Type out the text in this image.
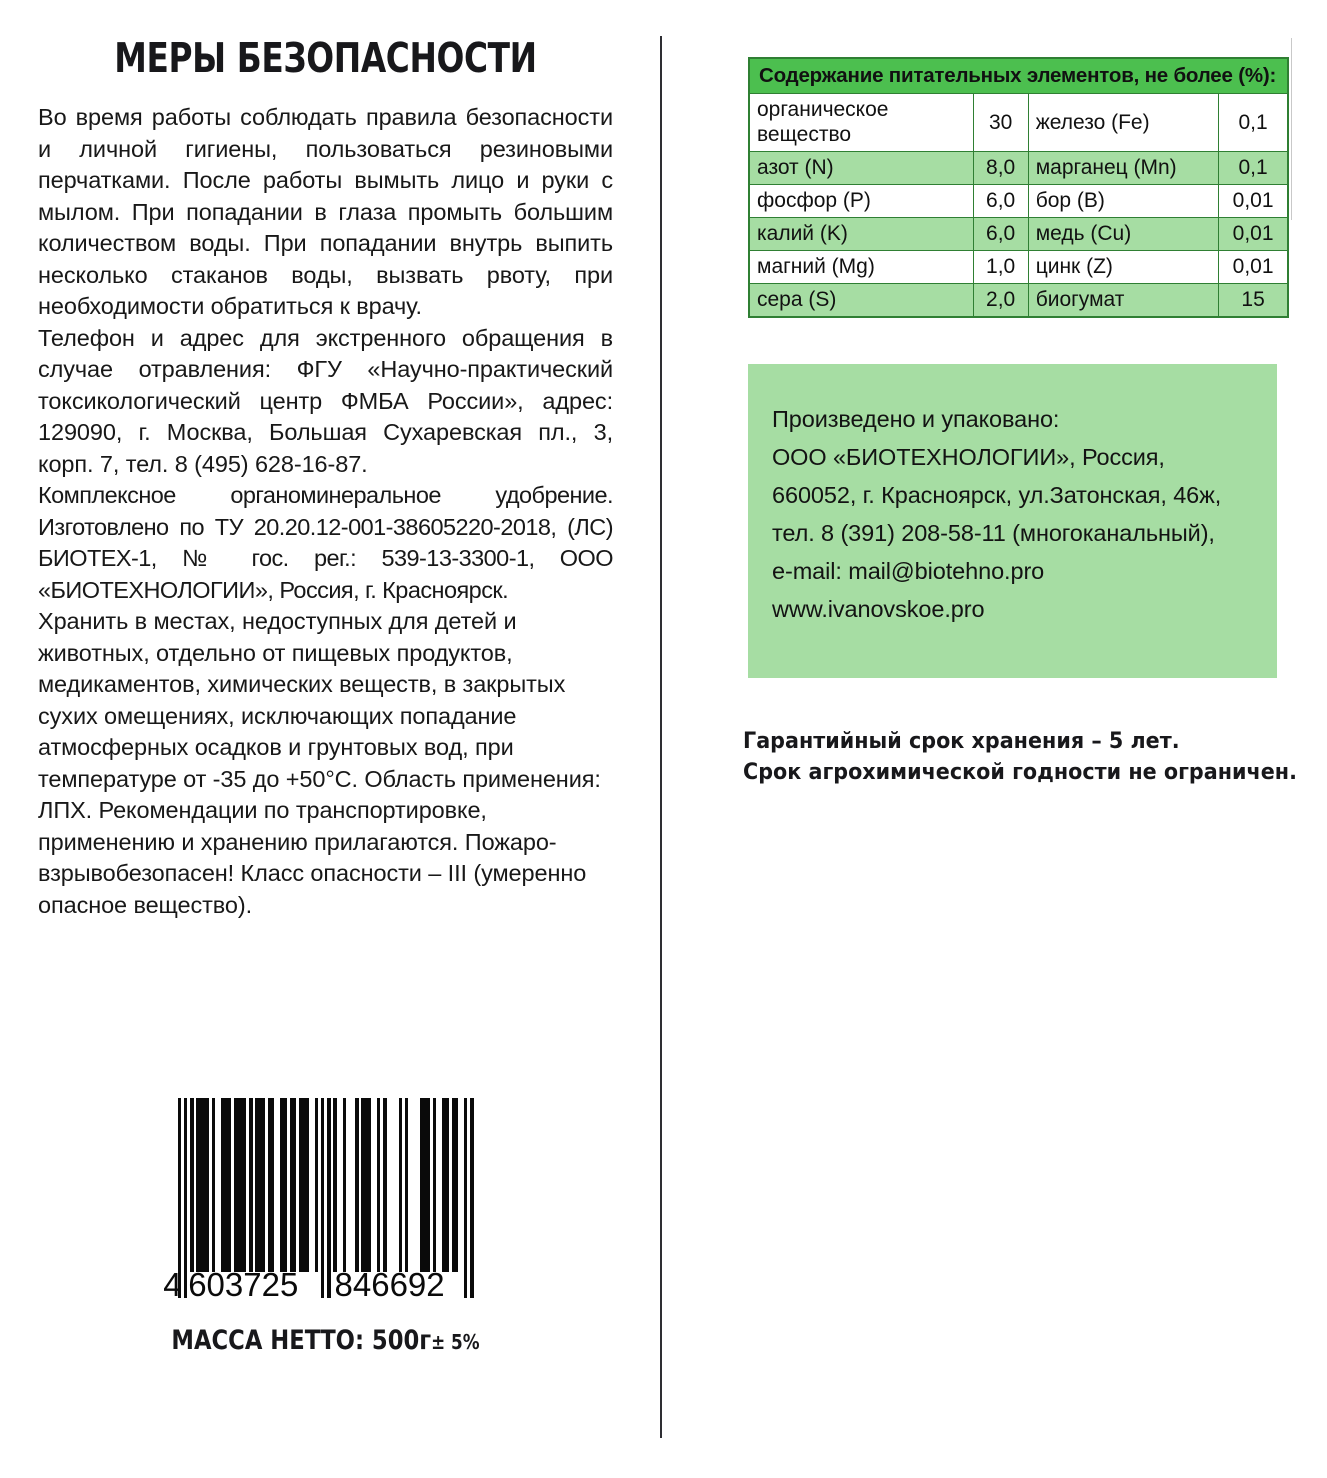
МЕРЫ БЕЗОПАСНОСТИ

Во время работы соблюдать правила безопасности и личной гигиены, пользоваться резиновыми перчатками. После работы вымыть лицо и руки с мылом. При попадании в глаза промыть большим количеством воды. При попадании внутрь выпить несколько стаканов воды, вызвать рвоту, при необходимости обратиться к врачу.

Телефон и адрес для экстренного обращения в случае отравления: ФГУ «Научно-практический токсикологический центр ФМБА России», адрес: 129090, г. Москва, Большая Сухаревская пл., 3, корп. 7, тел. 8 (495) 628-16-87.

Комплексное органоминеральное удобрение. Изготовлено по ТУ 20.20.12-001-38605220-2018, (ЛС) БИОТЕХ-1, № гос. рег.: 539-13-3300-1, ООО «БИОТЕХНОЛОГИИ», Россия, г. Красноярск.

Хранить в местах, недоступных для детей и животных, отдельно от пищевых продуктов, медикаментов, химических веществ, в закрытых сухих омещениях, исключающих попадание атмосферных осадков и грунтовых вод, при температуре от -35 до +50°C. Область применения: ЛПХ. Рекомендации по транспортировке, применению и хранению прилагаются. Пожаро-взрывобезопасен! Класс опасности – III (умеренно опасное вещество).

4 603725 846692
МАССА НЕТТО: 500г± 5%
Содержание питательных элементов, не более (%):			
органическое вещество	30	железо (Fe)	0,1
азот (N)	8,0	марганец (Mn)	0,1
фосфор (P)	6,0	бор (B)	0,01
калий (K)	6,0	медь (Cu)	0,01
магний (Mg)	1,0	цинк (Z)	0,01
сера (S)	2,0	биогумат	15
Произведено и упаковано:
ООО «БИОТЕХНОЛОГИИ», Россия,
660052, г. Красноярск, ул.Затонская, 46ж,
тел. 8 (391) 208-58-11 (многоканальный),
e-mail: mail@biotehno.pro
www.ivanovskoe.pro
Гарантийный срок хранения – 5 лет.
Срок агрохимической годности не ограничен.
